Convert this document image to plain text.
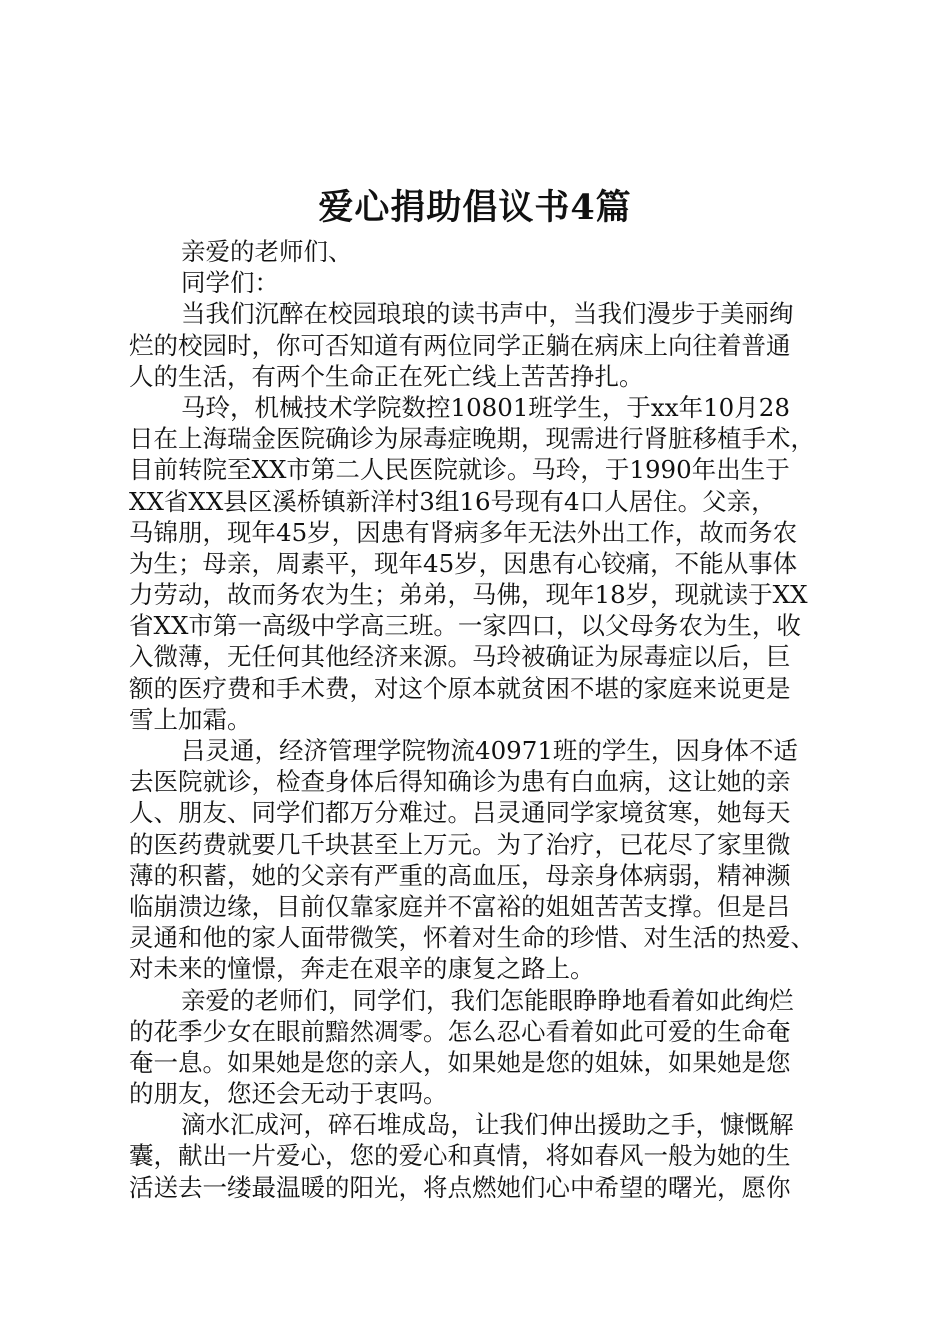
爱心捐助倡议书4篇
亲爱的老师们、
同学们：
当我们沉醉在校园琅琅的读书声中，当我们漫步于美丽绚
烂的校园时，你可否知道有两位同学正躺在病床上向往着普通
人的生活，有两个生命正在死亡线上苦苦挣扎。
马玲，机械技术学院数控10801班学生，于xx年10月28
日在上海瑞金医院确诊为尿毒症晚期，现需进行肾脏移植手术，
目前转院至XX市第二人民医院就诊。马玲，于1990年出生于
XX省XX县区溪桥镇新洋村3组16号现有4口人居住。父亲，
马锦朋，现年45岁，因患有肾病多年无法外出工作，故而务农
为生；母亲，周素平，现年45岁，因患有心铰痛，不能从事体
力劳动，故而务农为生；弟弟，马佛，现年18岁，现就读于XX
省XX市第一高级中学高三班。一家四口，以父母务农为生，收
入微薄，无任何其他经济来源。马玲被确证为尿毒症以后，巨
额的医疗费和手术费，对这个原本就贫困不堪的家庭来说更是
雪上加霜。
吕灵通，经济管理学院物流40971班的学生，因身体不适
去医院就诊，检查身体后得知确诊为患有白血病，这让她的亲
人、朋友、同学们都万分难过。吕灵通同学家境贫寒，她每天
的医药费就要几千块甚至上万元。为了治疗，已花尽了家里微
薄的积蓄，她的父亲有严重的高血压，母亲身体病弱，精神濒
临崩溃边缘，目前仅靠家庭并不富裕的姐姐苦苦支撑。但是吕
灵通和他的家人面带微笑，怀着对生命的珍惜、对生活的热爱、
对未来的憧憬，奔走在艰辛的康复之路上。
亲爱的老师们，同学们，我们怎能眼睁睁地看着如此绚烂
的花季少女在眼前黯然凋零。怎么忍心看着如此可爱的生命奄
奄一息。如果她是您的亲人，如果她是您的姐妹，如果她是您
的朋友，您还会无动于衷吗。
滴水汇成河，碎石堆成岛，让我们伸出援助之手，慷慨解
囊，献出一片爱心，您的爱心和真情，将如春风一般为她的生
活送去一缕最温暖的阳光，将点燃她们心中希望的曙光，愿你
